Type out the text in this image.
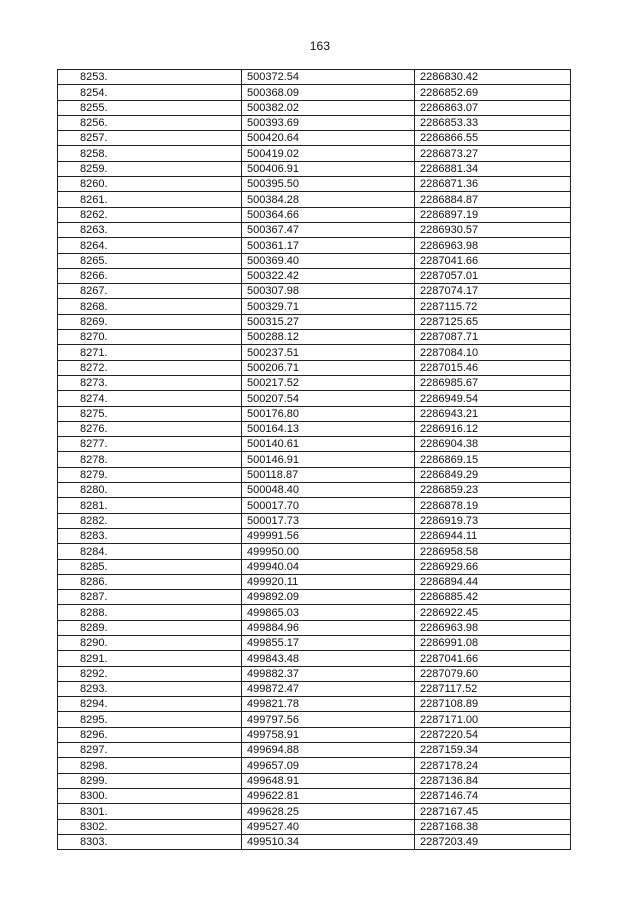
163
8253.	500372.54	2286830.42
8254.	500368.09	2286852.69
8255.	500382.02	2286863.07
8256.	500393.69	2286853.33
8257.	500420.64	2286866.55
8258.	500419.02	2286873.27
8259.	500406.91	2286881.34
8260.	500395.50	2286871.36
8261.	500384.28	2286884.87
8262.	500364.66	2286897.19
8263.	500367.47	2286930.57
8264.	500361.17	2286963.98
8265.	500369.40	2287041.66
8266.	500322.42	2287057.01
8267.	500307.98	2287074.17
8268.	500329.71	2287115.72
8269.	500315.27	2287125.65
8270.	500288.12	2287087.71
8271.	500237.51	2287084.10
8272.	500206.71	2287015.46
8273.	500217.52	2286985.67
8274.	500207.54	2286949.54
8275.	500176.80	2286943.21
8276.	500164.13	2286916.12
8277.	500140.61	2286904.38
8278.	500146.91	2286869.15
8279.	500118.87	2286849.29
8280.	500048.40	2286859.23
8281.	500017.70	2286878.19
8282.	500017.73	2286919.73
8283.	499991.56	2286944.11
8284.	499950.00	2286958.58
8285.	499940.04	2286929.66
8286.	499920.11	2286894.44
8287.	499892.09	2286885.42
8288.	499865.03	2286922.45
8289.	499884.96	2286963.98
8290.	499855.17	2286991.08
8291.	499843.48	2287041.66
8292.	499882.37	2287079.60
8293.	499872.47	2287117.52
8294.	499821.78	2287108.89
8295.	499797.56	2287171.00
8296.	499758.91	2287220.54
8297.	499694.88	2287159.34
8298.	499657.09	2287178.24
8299.	499648.91	2287136.84
8300.	499622.81	2287146.74
8301.	499628.25	2287167.45
8302.	499527.40	2287168.38
8303.	499510.34	2287203.49
